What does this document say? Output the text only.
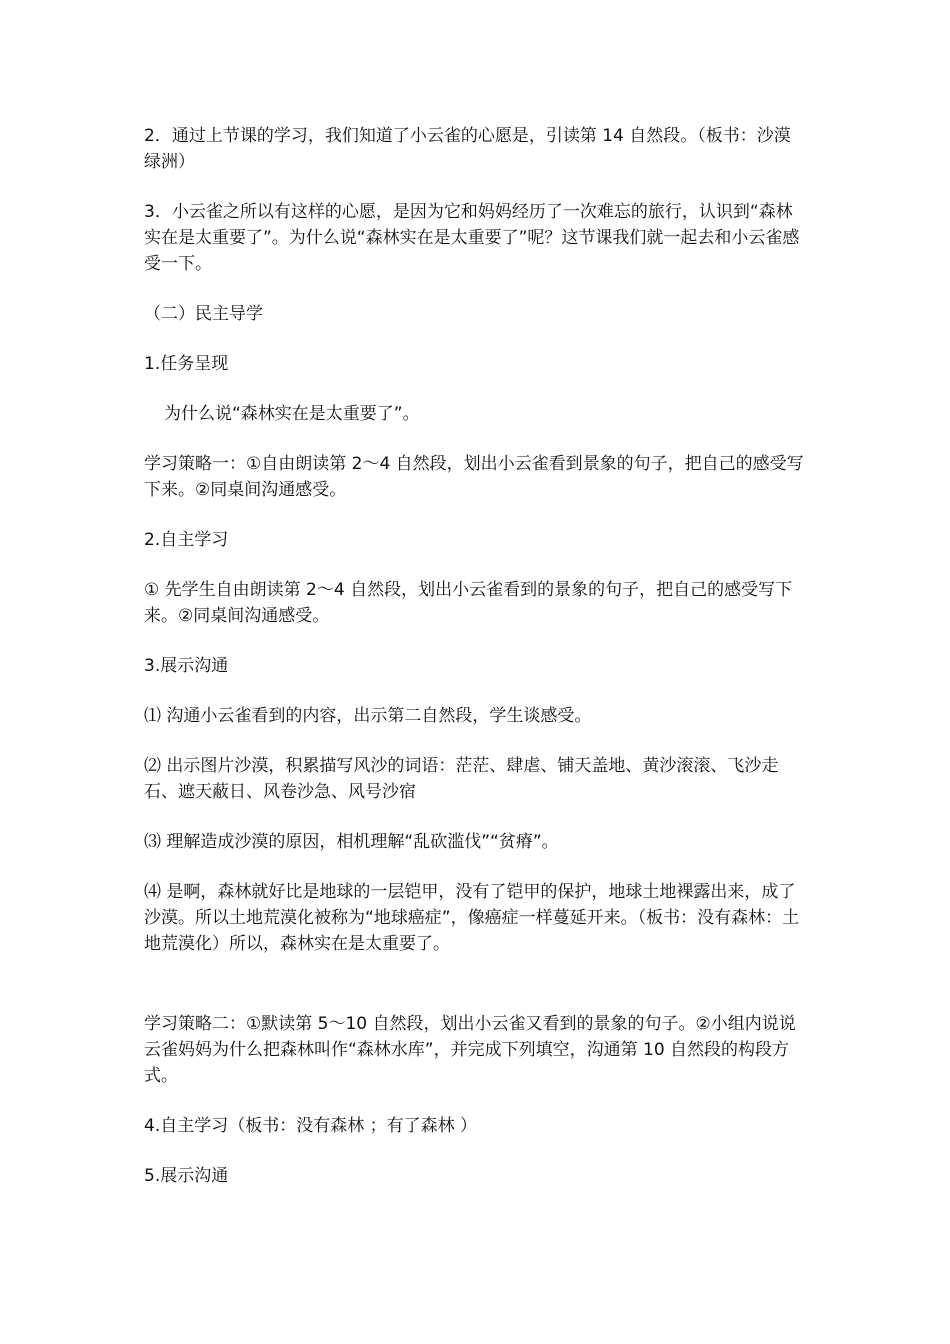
2．通过上节课的学习，我们知道了小云雀的心愿是，引读第 14 自然段。（板书：沙漠 绿洲）

3．小云雀之所以有这样的心愿，是因为它和妈妈经历了一次难忘的旅行，认识到“森林实在是太重要了”。为什么说“森林实在是太重要了”呢？这节课我们就一起去和小云雀感受一下。

（二）民主导学

1.任务呈现

为什么说“森林实在是太重要了”。

学习策略一：①自由朗读第 2～4 自然段，划出小云雀看到景象的句子，把自己的感受写下来。②同桌间沟通感受。

2.自主学习

① 先学生自由朗读第 2～4 自然段，划出小云雀看到的景象的句子，把自己的感受写下来。②同桌间沟通感受。

3.展示沟通

⑴ 沟通小云雀看到的内容，出示第二自然段，学生谈感受。

⑵ 出示图片沙漠，积累描写风沙的词语：茫茫、肆虐、铺天盖地、黄沙滚滚、飞沙走石、遮天蔽日、风卷沙急、风号沙宿

⑶ 理解造成沙漠的原因，相机理解“乱砍滥伐”“贫瘠”。

⑷ 是啊，森林就好比是地球的一层铠甲，没有了铠甲的保护，地球土地裸露出来，成了沙漠。所以土地荒漠化被称为“地球癌症”，像癌症一样蔓延开来。（板书：没有森林：土地荒漠化）所以，森林实在是太重要了。

学习策略二：①默读第 5～10 自然段，划出小云雀又看到的景象的句子。②小组内说说云雀妈妈为什么把森林叫作“森林水库”，并完成下列填空，沟通第 10 自然段的构段方式。

4.自主学习（板书：没有森林 ；有了森林 ）

5.展示沟通
